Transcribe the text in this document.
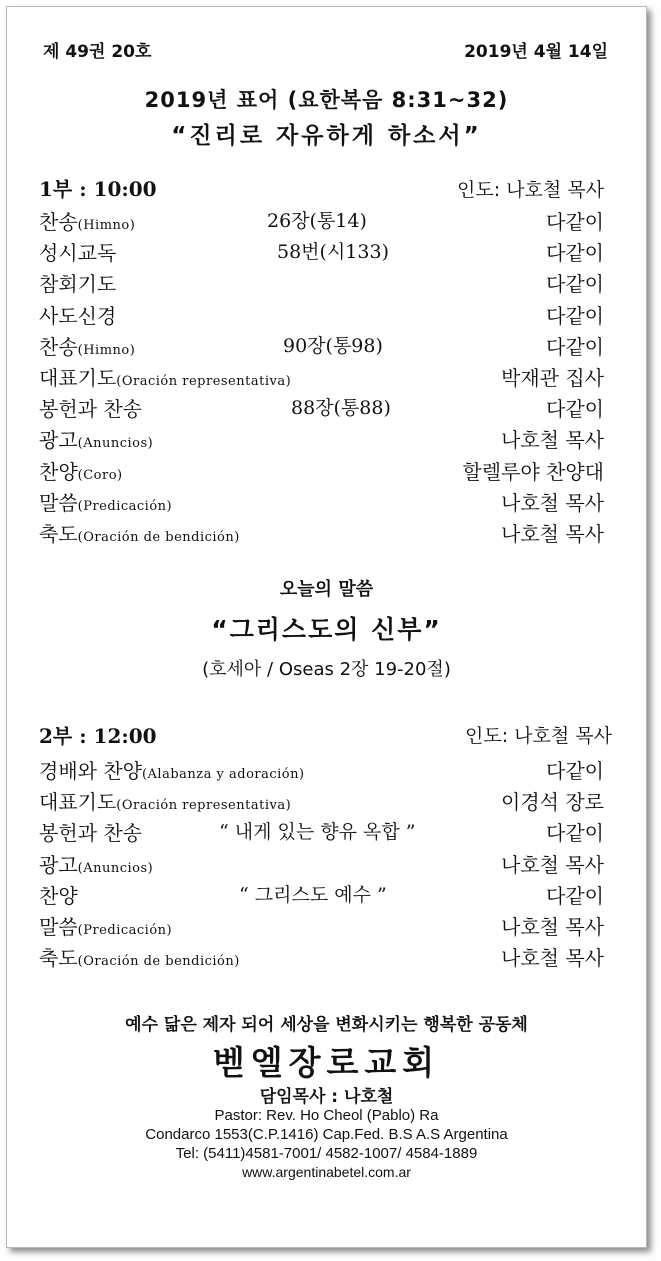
제 49권 20호	2019년 4월 14일
2019년 표어 (요한복음 8:31~32)
“진리로 자유하게 하소서”
1부 : 10:00	인도: 나호철 목사
찬송(Himno)	26장(통14)	다같이
성시교독	58번(시133)	다같이
참회기도	다같이
사도신경	다같이
찬송(Himno)	90장(통98)	다같이
대표기도(Oración representativa)	박재관 집사
봉헌과 찬송	88장(통88)	다같이
광고(Anuncios)	나호철 목사
찬양(Coro)	할렐루야 찬양대
말씀(Predicación)	나호철 목사
축도(Oración de bendición)	나호철 목사
오늘의 말씀
“그리스도의 신부”
(호세아 / Oseas 2장 19-20절)
2부 : 12:00	인도: 나호철 목사
경배와 찬양(Alabanza y adoración)	다같이
대표기도(Oración representativa)	이경석 장로
봉헌과 찬송	“ 내게 있는 향유 옥합 ”	다같이
광고(Anuncios)	나호철 목사
찬양	“ 그리스도 예수 ”	다같이
말씀(Predicación)	나호철 목사
축도(Oración de bendición)	나호철 목사
예수 닮은 제자 되어 세상을 변화시키는 행복한 공동체
벧엘장로교회
담임목사 : 나호철
Pastor: Rev. Ho Cheol (Pablo) Ra
Condarco 1553(C.P.1416) Cap.Fed. B.S A.S Argentina
Tel: (5411)4581-7001/ 4582-1007/ 4584-1889
www.argentinabetel.com.ar
